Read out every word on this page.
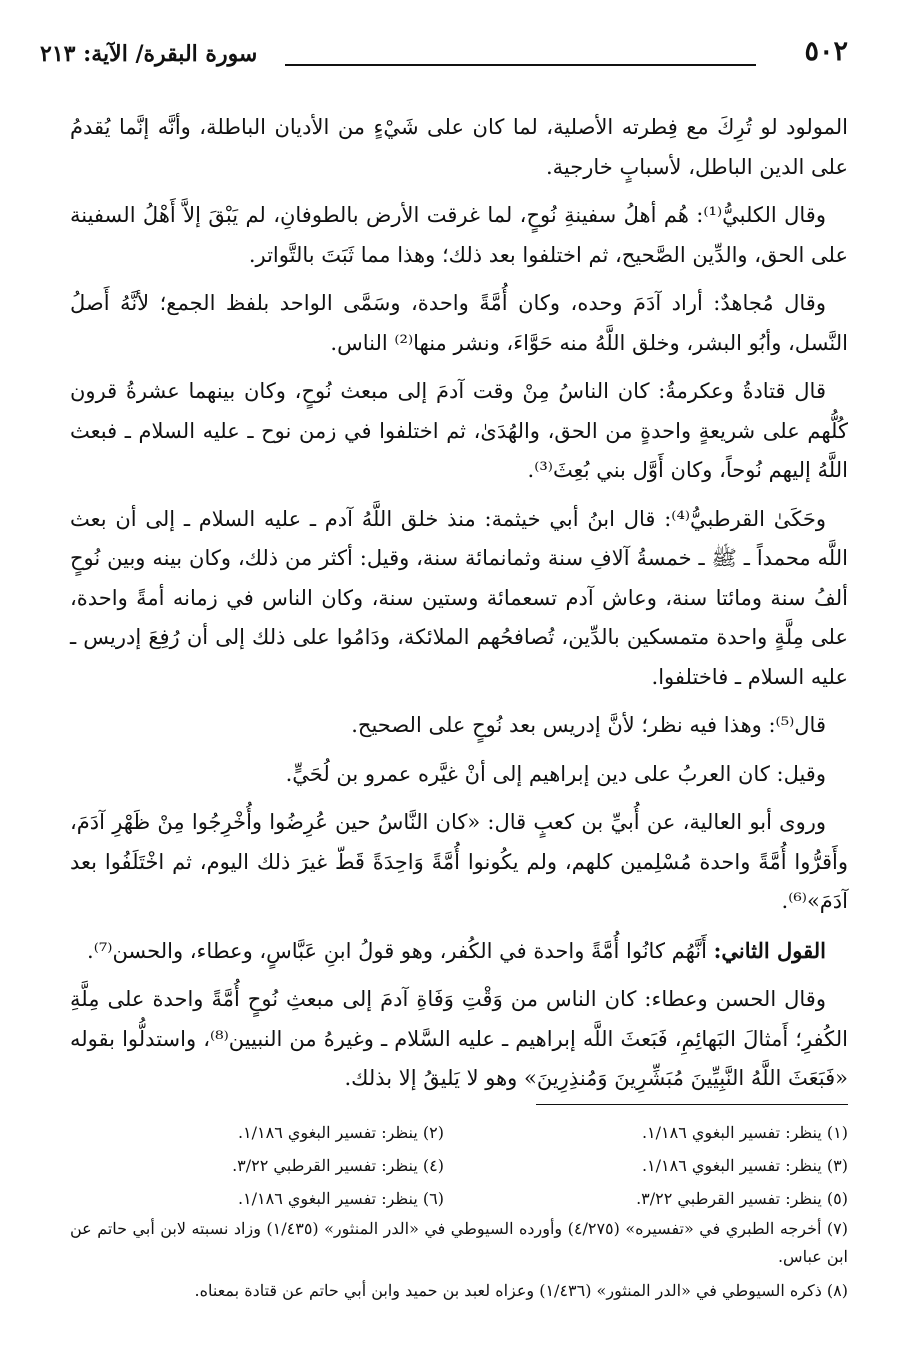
٥٠٢
سورة البقرة/ الآية: ٢١٣

المولود لو تُرِكَ مع فِطرته الأصلية، لما كان على شَيْءٍ من الأديان الباطلة، وأنَّه إنَّما يُقدمُ على الدين الباطل، لأسبابٍ خارجية.

وقال الكلبيُّ⁽¹⁾: هُم أهلُ سفينةِ نُوحٍ، لما غرقت الأرض بالطوفانِ، لم يَبْقَ إلاَّ أَهْلُ السفينة على الحق، والدِّين الصَّحيح، ثم اختلفوا بعد ذلك؛ وهذا مما ثَبَتَ بالتَّواتر.

وقال مُجاهدٌ: أراد آدَمَ وحده، وكان أُمَّةً واحدة، وسَمَّى الواحد بلفظ الجمع؛ لأنَّهُ أَصلُ النَّسل، وأبُو البشر، وخلق اللَّهُ منه حَوَّاءَ، ونشر منها⁽²⁾ الناس.

قال قتادةُ وعكرمةُ: كان الناسُ مِنْ وقت آدمَ إلى مبعث نُوحٍ، وكان بينهما عشرةُ قرون كُلُّهم على شريعةٍ واحدةٍ من الحق، والهُدَىٰ، ثم اختلفوا في زمن نوح ـ عليه السلام ـ فبعث اللَّهُ إليهم نُوحاً، وكان أَوَّل بني بُعِثَ⁽³⁾.

وحَكَىٰ القرطبيُّ⁽⁴⁾: قال ابنُ أبي خيثمة: منذ خلق اللَّهُ آدم ـ عليه السلام ـ إلى أن بعث اللَّه محمداً ـ ﷺ ـ خمسةُ آلافِ سنة وثمانمائة سنة، وقيل: أكثر من ذلك، وكان بينه وبين نُوحٍ ألفُ سنة ومائتا سنة، وعاش آدم تسعمائة وستين سنة، وكان الناس في زمانه أمةً واحدة، على مِلَّةٍ واحدة متمسكين بالدِّين، تُصافحُهم الملائكة، ودَامُوا على ذلك إلى أن رُفِعَ إدريس ـ عليه السلام ـ فاختلفوا.

قال⁽⁵⁾: وهذا فيه نظر؛ لأنَّ إدريس بعد نُوحٍ على الصحيح.

وقيل: كان العربُ على دين إبراهيم إلى أنْ غيَّره عمرو بن لُحَيٍّ.

وروى أبو العالية، عن أُبيِّ بن كعبٍ قال: «كان النَّاسُ حين عُرِضُوا وأُخْرِجُوا مِنْ ظَهْرِ آدَمَ، وأَقرُّوا أُمَّةً واحدة مُسْلِمين كلهم، ولم يكُونوا أُمَّةً وَاحِدَةً قَطّ غيرَ ذلك اليوم، ثم اخْتَلَفُوا بعد آدَمَ»⁽⁶⁾.

القول الثاني: أَنَّهُم كانُوا أُمَّةً واحدة في الكُفر، وهو قولُ ابنِ عَبَّاسٍ، وعطاء، والحسن⁽⁷⁾.

وقال الحسن وعطاء: كان الناس من وَقْتِ وَفَاةِ آدمَ إلى مبعثِ نُوحٍ أُمَّةً واحدة على مِلَّةِ الكُفرِ؛ أَمثالَ البَهائِمِ، فَبَعثَ اللَّه إبراهيم ـ عليه السَّلام ـ وغيرهُ من النبيين⁽⁸⁾، واستدلُّوا بقوله «فَبَعَثَ اللَّهُ النَّبِيِّينَ مُبَشِّرِينَ وَمُنذِرِينَ» وهو لا يَليقُ إلا بذلك.

(١) ينظر: تفسير البغوي ١/١٨٦.
(٢) ينظر: تفسير البغوي ١/١٨٦.
(٣) ينظر: تفسير البغوي ١/١٨٦.
(٤) ينظر: تفسير القرطبي ٣/٢٢.
(٥) ينظر: تفسير القرطبي ٣/٢٢.
(٦) ينظر: تفسير البغوي ١/١٨٦.
(٧) أخرجه الطبري في «تفسيره» (٤/٢٧٥) وأورده السيوطي في «الدر المنثور» (١/٤٣٥) وزاد نسبته لابن أبي حاتم عن ابن عباس.
(٨) ذكره السيوطي في «الدر المنثور» (١/٤٣٦) وعزاه لعبد بن حميد وابن أبي حاتم عن قتادة بمعناه.
